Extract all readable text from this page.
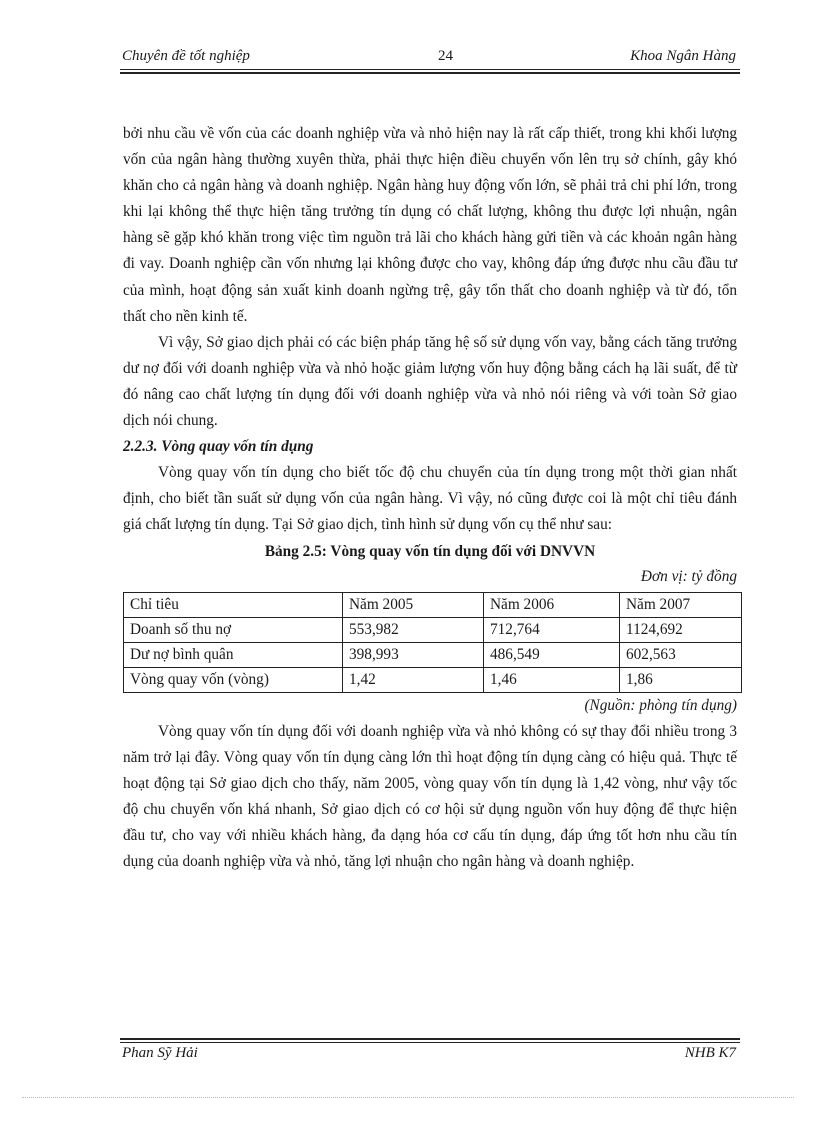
Chuyên đề tốt nghiệp	24	Khoa Ngân Hàng

bởi nhu cầu về vốn của các doanh nghiệp vừa và nhỏ hiện nay là rất cấp thiết, trong khi khối lượng vốn của ngân hàng thường xuyên thừa, phải thực hiện điều chuyển vốn lên trụ sở chính, gây khó khăn cho cả ngân hàng và doanh nghiệp. Ngân hàng huy động vốn lớn, sẽ phải trả chi phí lớn, trong khi lại không thể thực hiện tăng trưởng tín dụng có chất lượng, không thu được lợi nhuận, ngân hàng sẽ gặp khó khăn trong việc tìm nguồn trả lãi cho khách hàng gửi tiền và các khoản ngân hàng đi vay. Doanh nghiệp cần vốn nhưng lại không được cho vay, không đáp ứng được nhu cầu đầu tư của mình, hoạt động sản xuất kinh doanh ngừng trệ, gây tổn thất cho doanh nghiệp và từ đó, tổn thất cho nền kinh tế.

Vì vậy, Sở giao dịch phải có các biện pháp tăng hệ số sử dụng vốn vay, bằng cách tăng trưởng dư nợ đối với doanh nghiệp vừa và nhỏ hoặc giảm lượng vốn huy động bằng cách hạ lãi suất, để từ đó nâng cao chất lượng tín dụng đối với doanh nghiệp vừa và nhỏ nói riêng và với toàn Sở giao dịch nói chung.

2.2.3. Vòng quay vốn tín dụng

Vòng quay vốn tín dụng cho biết tốc độ chu chuyển của tín dụng trong một thời gian nhất định, cho biết tần suất sử dụng vốn của ngân hàng. Vì vậy, nó cũng được coi là một chỉ tiêu đánh giá chất lượng tín dụng. Tại Sở giao dịch, tình hình sử dụng vốn cụ thể như sau:

Bảng 2.5: Vòng quay vốn tín dụng đối với DNVVN

Đơn vị: tỷ đồng

Chỉ tiêu	Năm 2005	Năm 2006	Năm 2007
Doanh số thu nợ	553,982	712,764	1124,692
Dư nợ bình quân	398,993	486,549	602,563
Vòng quay vốn (vòng)	1,42	1,46	1,86

(Nguồn: phòng tín dụng)

Vòng quay vốn tín dụng đối với doanh nghiệp vừa và nhỏ không có sự thay đổi nhiều trong 3 năm trở lại đây. Vòng quay vốn tín dụng càng lớn thì hoạt động tín dụng càng có hiệu quả. Thực tế hoạt động tại Sở giao dịch cho thấy, năm 2005, vòng quay vốn tín dụng là 1,42 vòng, như vậy tốc độ chu chuyển vốn khá nhanh, Sở giao dịch có cơ hội sử dụng nguồn vốn huy động để thực hiện đầu tư, cho vay với nhiều khách hàng, đa dạng hóa cơ cấu tín dụng, đáp ứng tốt hơn nhu cầu tín dụng của doanh nghiệp vừa và nhỏ, tăng lợi nhuận cho ngân hàng và doanh nghiệp.

Phan Sỹ Hải	NHB K7
